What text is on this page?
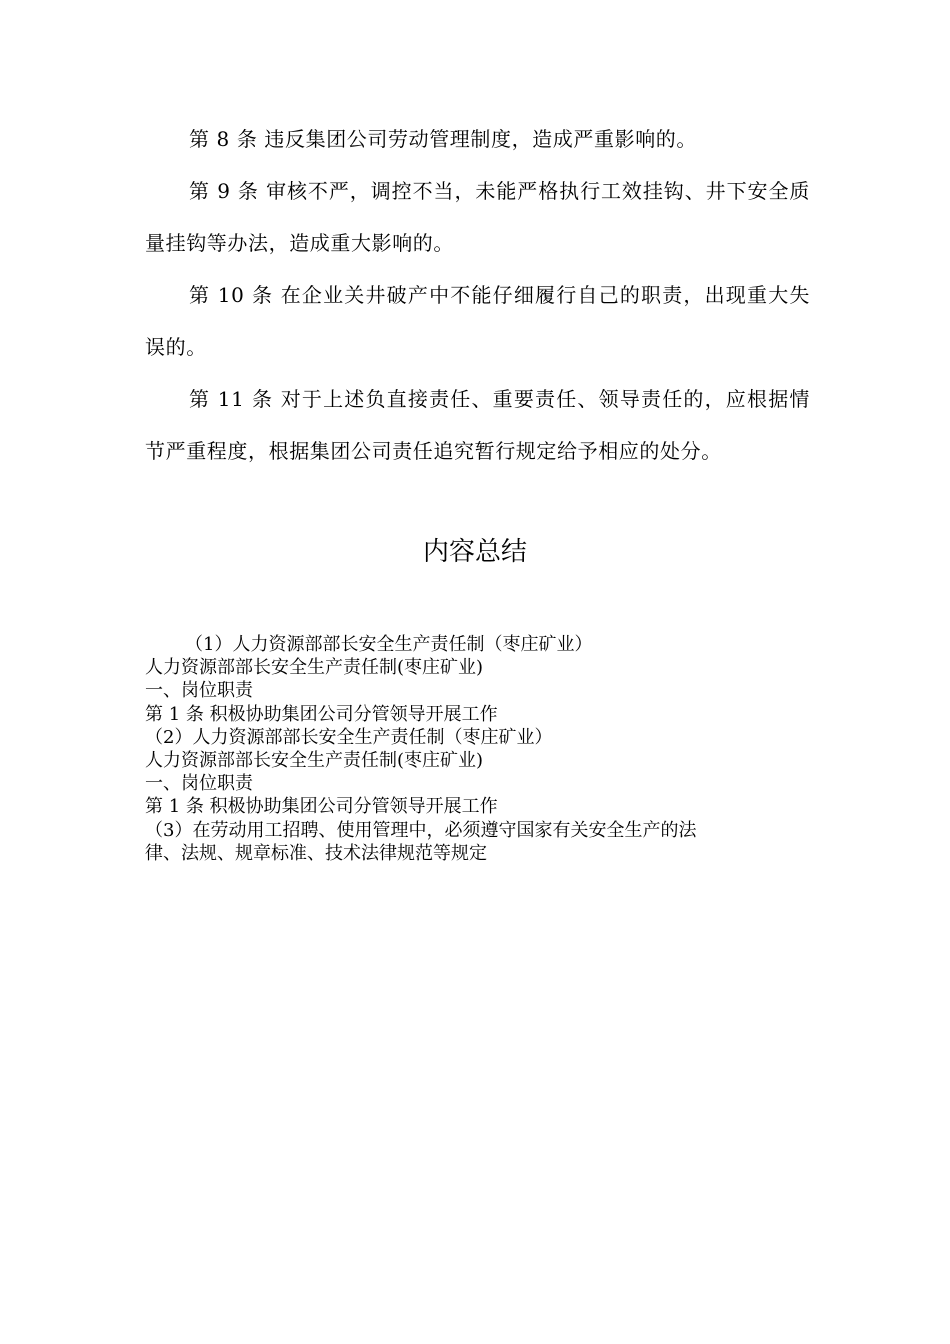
第 8 条 违反集团公司劳动管理制度，造成严重影响的。

第 9 条 审核不严，调控不当，未能严格执行工效挂钩、井下安全质量挂钩等办法，造成重大影响的。

第 10 条 在企业关井破产中不能仔细履行自己的职责，出现重大失误的。

第 11 条 对于上述负直接责任、重要责任、领导责任的，应根据情节严重程度，根据集团公司责任追究暂行规定给予相应的处分。

内容总结

（1）人力资源部部长安全生产责任制（枣庄矿业）

人力资源部部长安全生产责任制(枣庄矿业)

一、岗位职责

第 1 条 积极协助集团公司分管领导开展工作

（2）人力资源部部长安全生产责任制（枣庄矿业）

人力资源部部长安全生产责任制(枣庄矿业)

一、岗位职责

第 1 条 积极协助集团公司分管领导开展工作

（3）在劳动用工招聘、使用管理中，必须遵守国家有关安全生产的法

律、法规、规章标准、技术法律规范等规定
